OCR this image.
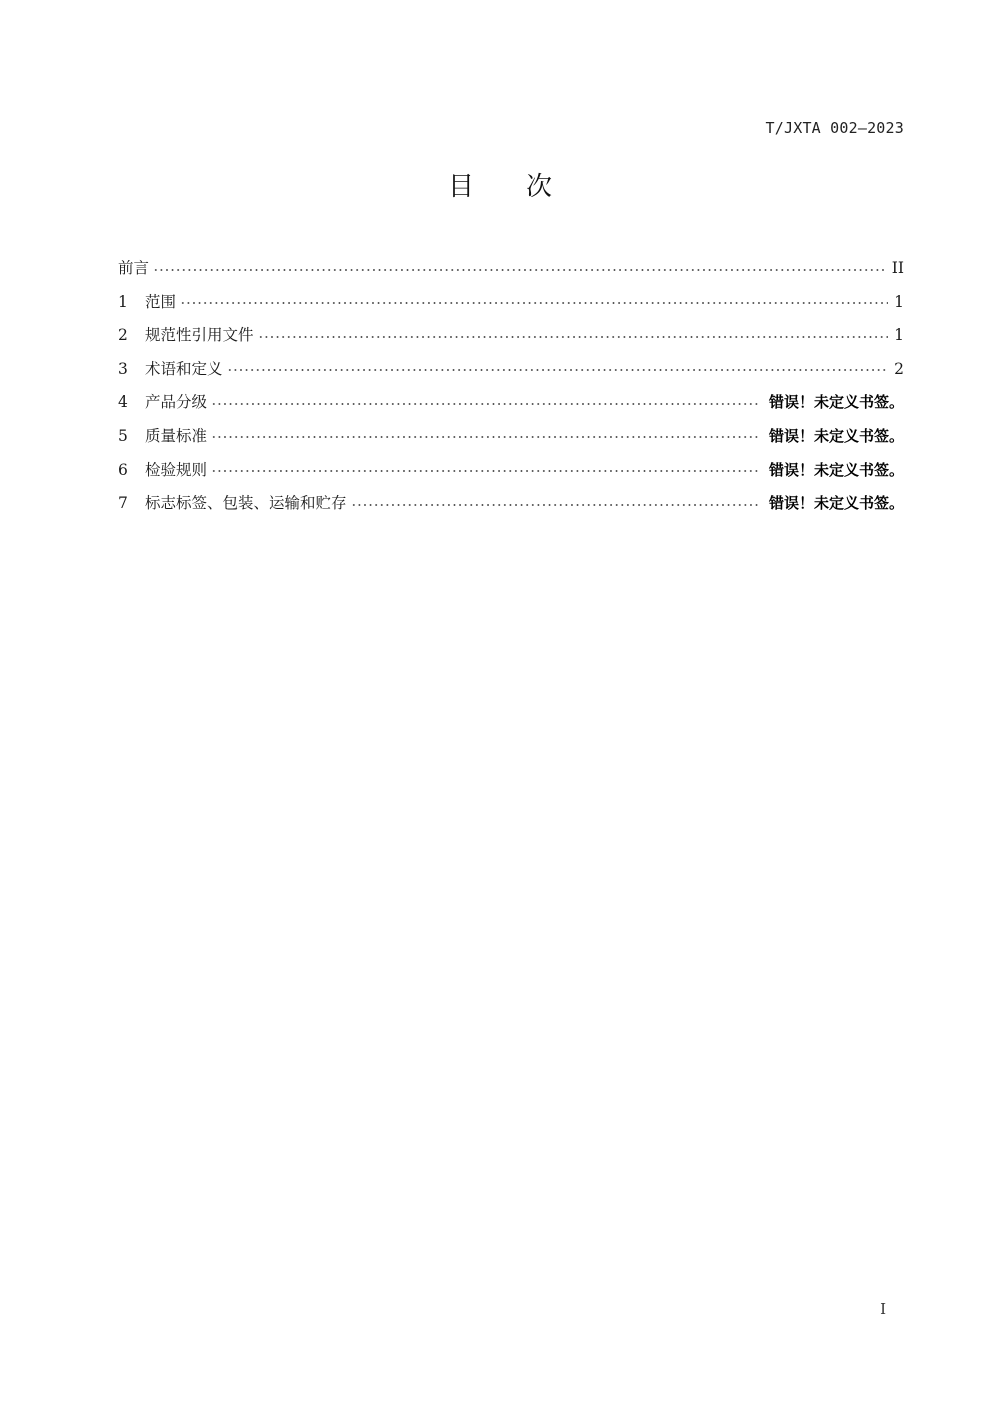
T/JXTA 002—2023
目次
前言	II
1	范围	1
2	规范性引用文件	1
3	术语和定义	2
4	产品分级	错误！未定义书签。
5	质量标准	错误！未定义书签。
6	检验规则	错误！未定义书签。
7	标志标签、包装、运输和贮存	错误！未定义书签。
I
